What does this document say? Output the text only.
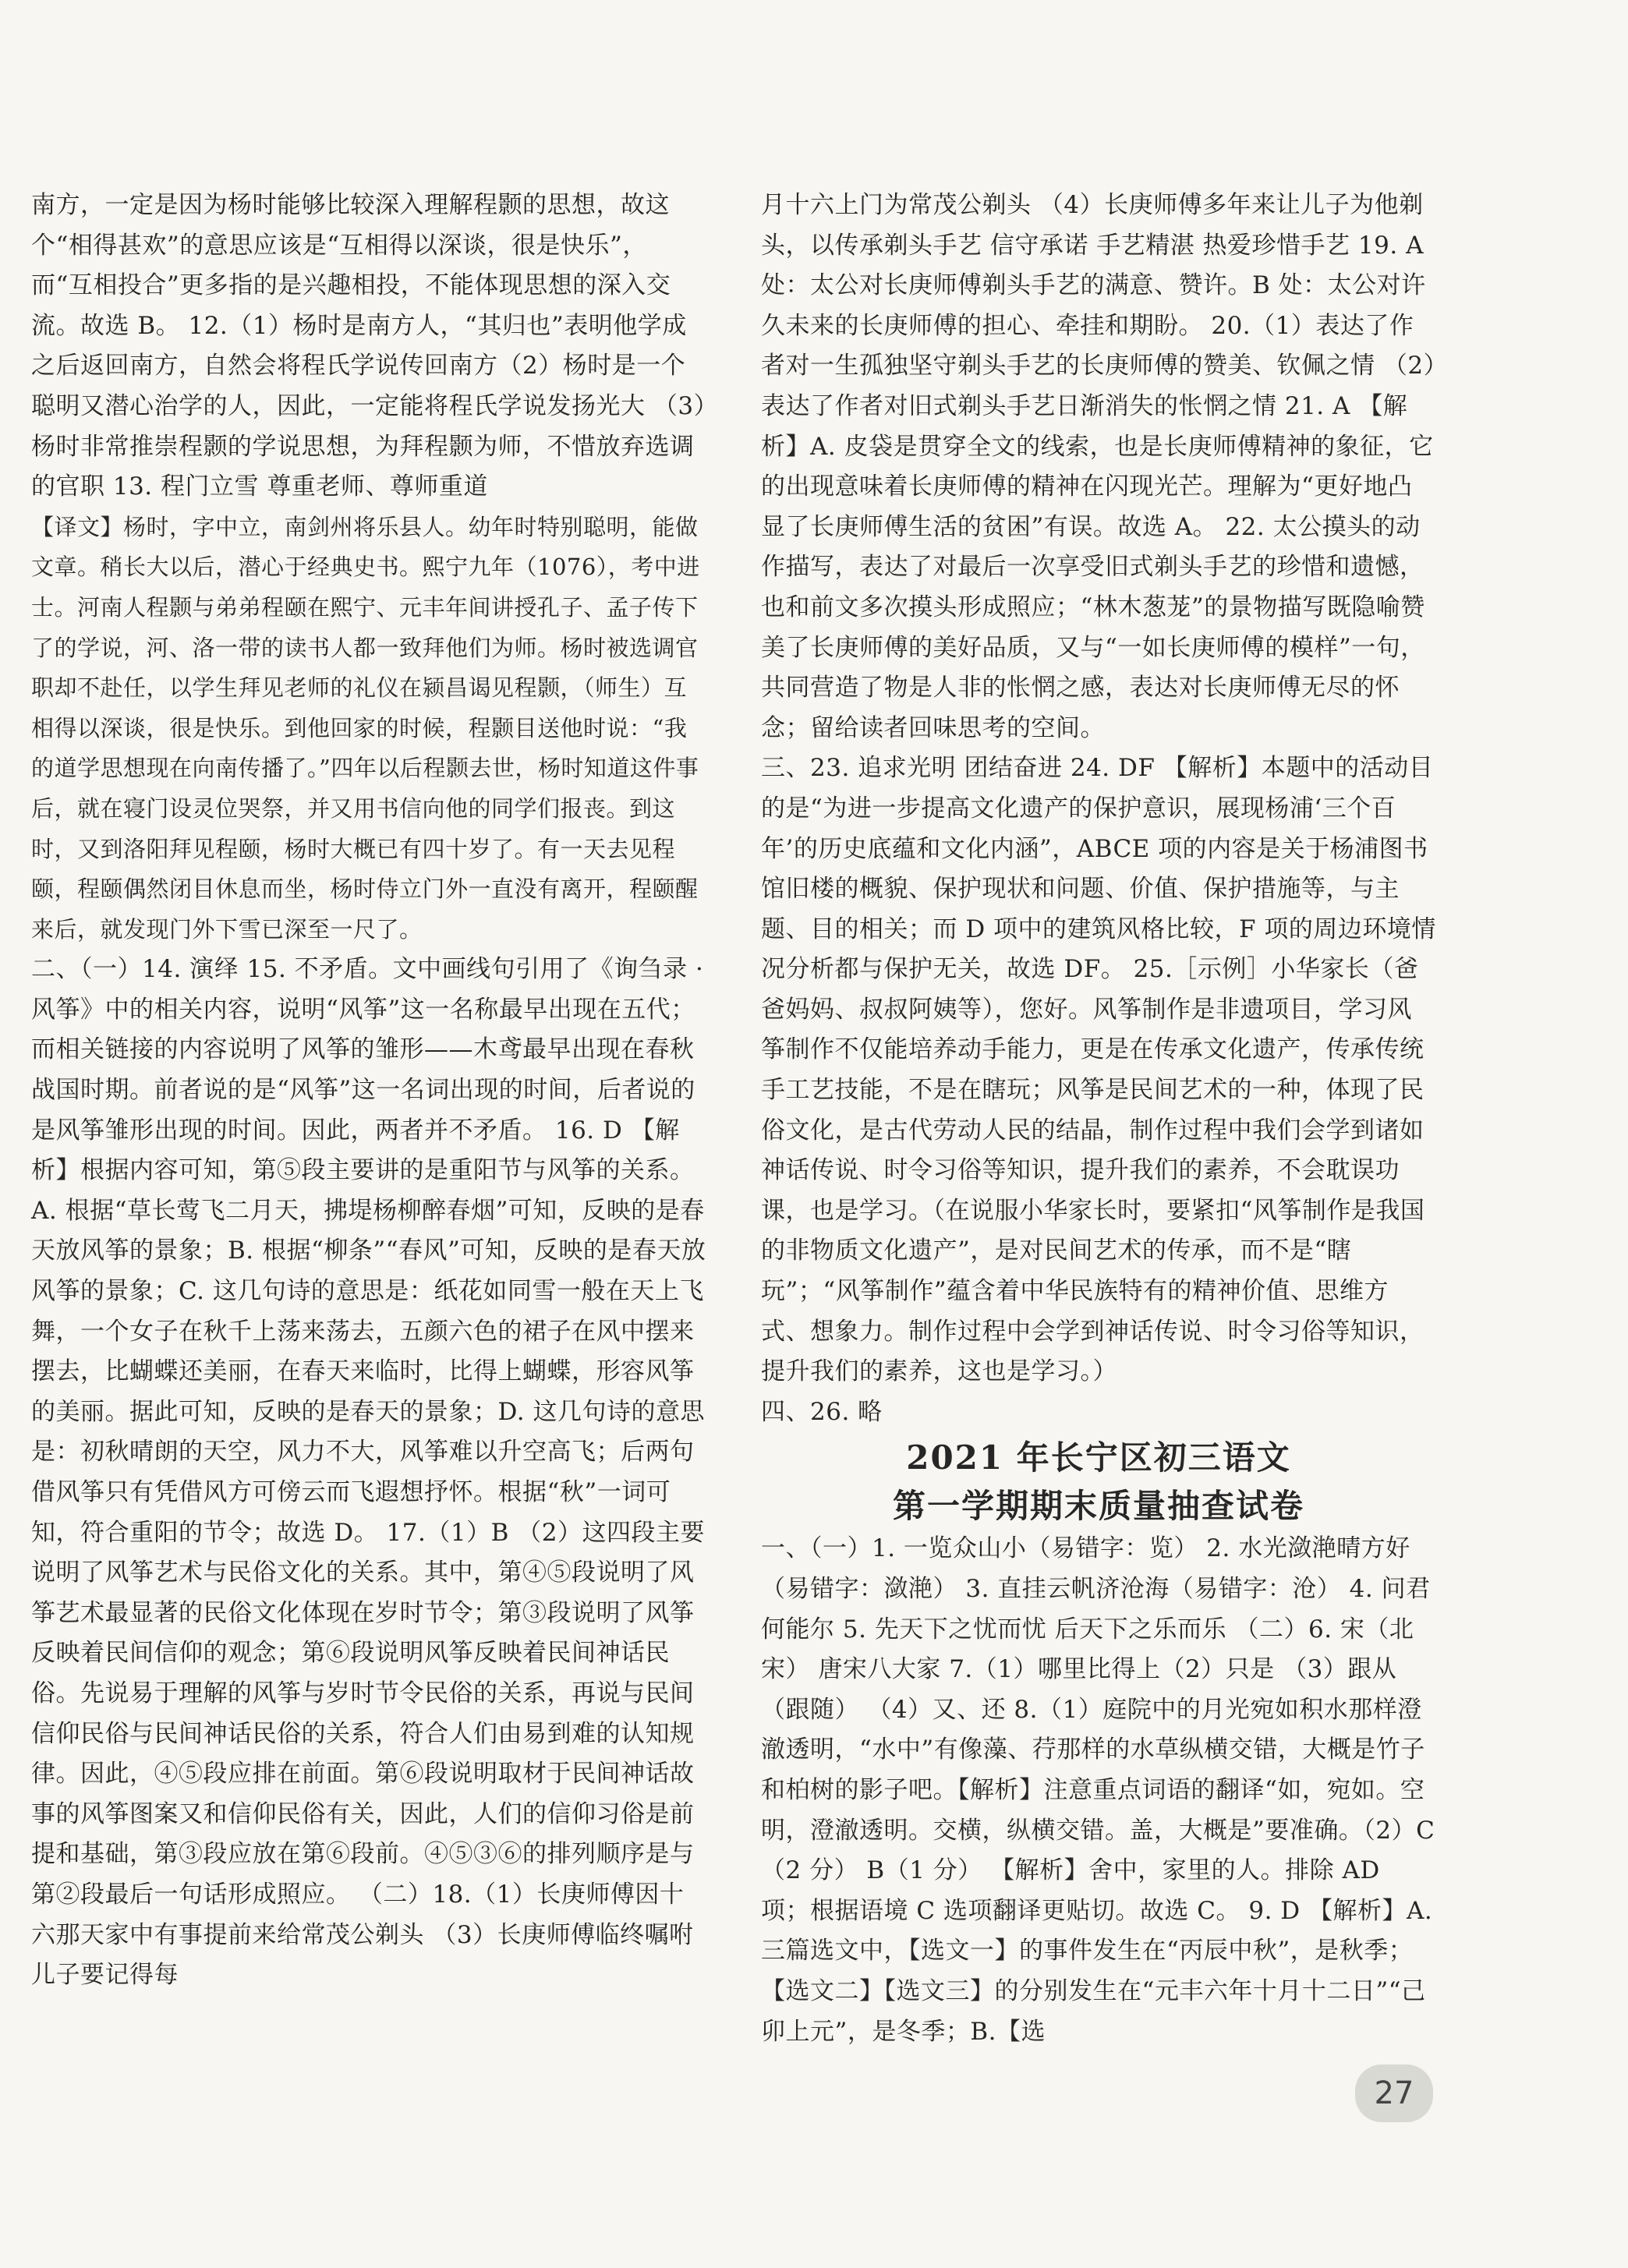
南方，一定是因为杨时能够比较深入理解程颢的思想，故这个“相得甚欢”的意思应该是“互相得以深谈，很是快乐”，而“互相投合”更多指的是兴趣相投，不能体现思想的深入交流。故选 B。 12.（1）杨时是南方人，“其归也”表明他学成之后返回南方，自然会将程氏学说传回南方（2）杨时是一个聪明又潜心治学的人，因此，一定能将程氏学说发扬光大 （3）杨时非常推崇程颢的学说思想，为拜程颢为师，不惜放弃选调的官职 13. 程门立雪 尊重老师、尊师重道

【译文】杨时，字中立，南剑州将乐县人。幼年时特别聪明，能做文章。稍长大以后，潜心于经典史书。熙宁九年（1076），考中进士。河南人程颢与弟弟程颐在熙宁、元丰年间讲授孔子、孟子传下了的学说，河、洛一带的读书人都一致拜他们为师。杨时被选调官职却不赴任，以学生拜见老师的礼仪在颍昌谒见程颢，（师生）互相得以深谈，很是快乐。到他回家的时候，程颢目送他时说：“我的道学思想现在向南传播了。”四年以后程颢去世，杨时知道这件事后，就在寝门设灵位哭祭，并又用书信向他的同学们报丧。到这时，又到洛阳拜见程颐，杨时大概已有四十岁了。有一天去见程颐，程颐偶然闭目休息而坐，杨时侍立门外一直没有离开，程颐醒来后，就发现门外下雪已深至一尺了。

二、（一）14. 演绎 15. 不矛盾。文中画线句引用了《询刍录 · 风筝》中的相关内容，说明“风筝”这一名称最早出现在五代；而相关链接的内容说明了风筝的雏形——木鸢最早出现在春秋战国时期。前者说的是“风筝”这一名词出现的时间，后者说的是风筝雏形出现的时间。因此，两者并不矛盾。 16. D 【解析】根据内容可知，第⑤段主要讲的是重阳节与风筝的关系。A. 根据“草长莺飞二月天，拂堤杨柳醉春烟”可知，反映的是春天放风筝的景象；B. 根据“柳条”“春风”可知，反映的是春天放风筝的景象；C. 这几句诗的意思是：纸花如同雪一般在天上飞舞，一个女子在秋千上荡来荡去，五颜六色的裙子在风中摆来摆去，比蝴蝶还美丽，在春天来临时，比得上蝴蝶，形容风筝的美丽。据此可知，反映的是春天的景象；D. 这几句诗的意思是：初秋晴朗的天空，风力不大，风筝难以升空高飞；后两句借风筝只有凭借风方可傍云而飞遐想抒怀。根据“秋”一词可知，符合重阳的节令；故选 D。 17.（1）B （2）这四段主要说明了风筝艺术与民俗文化的关系。其中，第④⑤段说明了风筝艺术最显著的民俗文化体现在岁时节令；第③段说明了风筝反映着民间信仰的观念；第⑥段说明风筝反映着民间神话民俗。先说易于理解的风筝与岁时节令民俗的关系，再说与民间信仰民俗与民间神话民俗的关系，符合人们由易到难的认知规律。因此，④⑤段应排在前面。第⑥段说明取材于民间神话故事的风筝图案又和信仰民俗有关，因此，人们的信仰习俗是前提和基础，第③段应放在第⑥段前。④⑤③⑥的排列顺序是与第②段最后一句话形成照应。 （二）18.（1）长庚师傅因十六那天家中有事提前来给常茂公剃头 （3）长庚师傅临终嘱咐儿子要记得每

月十六上门为常茂公剃头 （4）长庚师傅多年来让儿子为他剃头，以传承剃头手艺 信守承诺 手艺精湛 热爱珍惜手艺 19. A 处：太公对长庚师傅剃头手艺的满意、赞许。B 处：太公对许久未来的长庚师傅的担心、牵挂和期盼。 20.（1）表达了作者对一生孤独坚守剃头手艺的长庚师傅的赞美、钦佩之情 （2）表达了作者对旧式剃头手艺日渐消失的怅惘之情 21. A 【解析】A. 皮袋是贯穿全文的线索，也是长庚师傅精神的象征，它的出现意味着长庚师傅的精神在闪现光芒。理解为“更好地凸显了长庚师傅生活的贫困”有误。故选 A。 22. 太公摸头的动作描写，表达了对最后一次享受旧式剃头手艺的珍惜和遗憾，也和前文多次摸头形成照应；“林木葱茏”的景物描写既隐喻赞美了长庚师傅的美好品质，又与“一如长庚师傅的模样”一句，共同营造了物是人非的怅惘之感，表达对长庚师傅无尽的怀念；留给读者回味思考的空间。

三、23. 追求光明 团结奋进 24. DF 【解析】本题中的活动目的是“为进一步提高文化遗产的保护意识，展现杨浦‘三个百年’的历史底蕴和文化内涵”，ABCE 项的内容是关于杨浦图书馆旧楼的概貌、保护现状和问题、价值、保护措施等，与主题、目的相关；而 D 项中的建筑风格比较，F 项的周边环境情况分析都与保护无关，故选 DF。 25.［示例］小华家长（爸爸妈妈、叔叔阿姨等），您好。风筝制作是非遗项目，学习风筝制作不仅能培养动手能力，更是在传承文化遗产，传承传统手工艺技能，不是在瞎玩；风筝是民间艺术的一种，体现了民俗文化，是古代劳动人民的结晶，制作过程中我们会学到诸如神话传说、时令习俗等知识，提升我们的素养，不会耽误功课，也是学习。（在说服小华家长时，要紧扣“风筝制作是我国的非物质文化遗产”，是对民间艺术的传承，而不是“瞎玩”；“风筝制作”蕴含着中华民族特有的精神价值、思维方式、想象力。制作过程中会学到神话传说、时令习俗等知识，提升我们的素养，这也是学习。）

四、26. 略

2021 年长宁区初三语文
第一学期期末质量抽查试卷

一、（一）1. 一览众山小（易错字：览） 2. 水光潋滟晴方好（易错字：潋滟） 3. 直挂云帆济沧海（易错字：沧） 4. 问君何能尔 5. 先天下之忧而忧 后天下之乐而乐 （二）6. 宋（北宋） 唐宋八大家 7.（1）哪里比得上（2）只是 （3）跟从（跟随） （4）又、还 8.（1）庭院中的月光宛如积水那样澄澈透明，“水中”有像藻、荇那样的水草纵横交错，大概是竹子和柏树的影子吧。【解析】注意重点词语的翻译“如，宛如。空明，澄澈透明。交横，纵横交错。盖，大概是”要准确。（2）C（2 分） B（1 分） 【解析】舍中，家里的人。排除 AD 项；根据语境 C 选项翻译更贴切。故选 C。 9. D 【解析】A. 三篇选文中，【选文一】的事件发生在“丙辰中秋”，是秋季；【选文二】【选文三】的分别发生在“元丰六年十月十二日”“己卯上元”，是冬季；B.【选

27
